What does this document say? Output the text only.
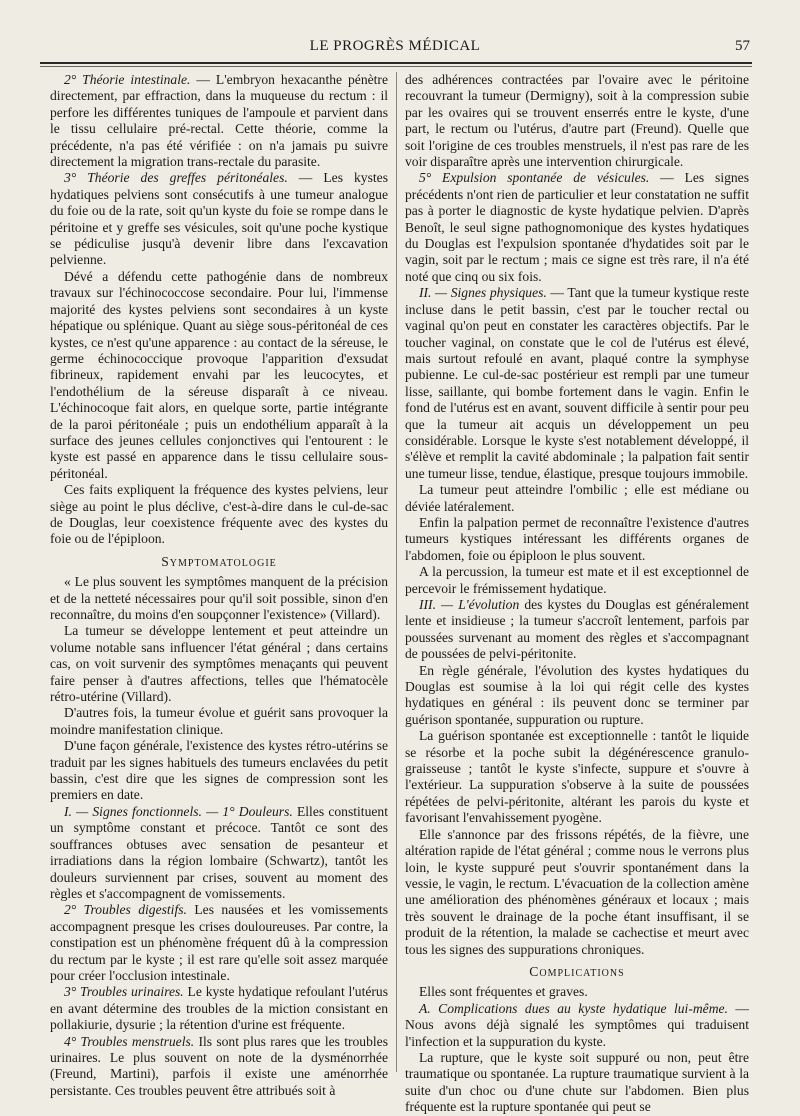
LE PROGRÈS MÉDICAL	57

2° Théorie intestinale. — L'embryon hexacanthe pénètre directement, par effraction, dans la muqueuse du rectum : il perfore les différentes tuniques de l'ampoule et parvient dans le tissu cellulaire pré-rectal. Cette théorie, comme la précédente, n'a pas été vérifiée : on n'a jamais pu suivre directement la migration trans-rectale du parasite.

3° Théorie des greffes péritonéales. — Les kystes hydatiques pelviens sont consécutifs à une tumeur analogue du foie ou de la rate, soit qu'un kyste du foie se rompe dans le péritoine et y greffe ses vésicules, soit qu'une poche kystique se pédiculise jusqu'à devenir libre dans l'excavation pelvienne.

Dévé a défendu cette pathogénie dans de nombreux travaux sur l'échinococcose secondaire. Pour lui, l'immense majorité des kystes pelviens sont secondaires à un kyste hépatique ou splénique. Quant au siège sous-péritonéal de ces kystes, ce n'est qu'une apparence : au contact de la séreuse, le germe échinococcique provoque l'apparition d'exsudat fibrineux, rapidement envahi par les leucocytes, et l'endothélium de la séreuse disparaît à ce niveau. L'échinocoque fait alors, en quelque sorte, partie intégrante de la paroi péritonéale ; puis un endothélium apparaît à la surface des jeunes cellules conjonctives qui l'entourent : le kyste est passé en apparence dans le tissu cellulaire sous-péritonéal.

Ces faits expliquent la fréquence des kystes pelviens, leur siège au point le plus déclive, c'est-à-dire dans le cul-de-sac de Douglas, leur coexistence fréquente avec des kystes du foie ou de l'épiploon.

Symptomatologie

« Le plus souvent les symptômes manquent de la précision et de la netteté nécessaires pour qu'il soit possible, sinon d'en reconnaître, du moins d'en soupçonner l'existence» (Villard).

La tumeur se développe lentement et peut atteindre un volume notable sans influencer l'état général ; dans certains cas, on voit survenir des symptômes menaçants qui peuvent faire penser à d'autres affections, telles que l'hématocèle rétro-utérine (Villard).

D'autres fois, la tumeur évolue et guérit sans provoquer la moindre manifestation clinique.

D'une façon générale, l'existence des kystes rétro-utérins se traduit par les signes habituels des tumeurs enclavées du petit bassin, c'est dire que les signes de compression sont les premiers en date.

I. — Signes fonctionnels. — 1° Douleurs. Elles constituent un symptôme constant et précoce. Tantôt ce sont des souffrances obtuses avec sensation de pesanteur et irradiations dans la région lombaire (Schwartz), tantôt les douleurs surviennent par crises, souvent au moment des règles et s'accompagnent de vomissements.

2° Troubles digestifs. Les nausées et les vomissements accompagnent presque les crises douloureuses. Par contre, la constipation est un phénomène fréquent dû à la compression du rectum par le kyste ; il est rare qu'elle soit assez marquée pour créer l'occlusion intestinale.

3° Troubles urinaires. Le kyste hydatique refoulant l'utérus en avant détermine des troubles de la miction consistant en pollakiurie, dysurie ; la rétention d'urine est fréquente.

4° Troubles menstruels. Ils sont plus rares que les troubles urinaires. Le plus souvent on note de la dysménorrhée (Freund, Martini), parfois il existe une aménorrhée persistante. Ces troubles peuvent être attribués soit à

des adhérences contractées par l'ovaire avec le péritoine recouvrant la tumeur (Dermigny), soit à la compression subie par les ovaires qui se trouvent enserrés entre le kyste, d'une part, le rectum ou l'utérus, d'autre part (Freund). Quelle que soit l'origine de ces troubles menstruels, il n'est pas rare de les voir disparaître après une intervention chirurgicale.

5° Expulsion spontanée de vésicules. — Les signes précédents n'ont rien de particulier et leur constatation ne suffit pas à porter le diagnostic de kyste hydatique pelvien. D'après Benoît, le seul signe pathognomonique des kystes hydatiques du Douglas est l'expulsion spontanée d'hydatides soit par le vagin, soit par le rectum ; mais ce signe est très rare, il n'a été noté que cinq ou six fois.

II. — Signes physiques. — Tant que la tumeur kystique reste incluse dans le petit bassin, c'est par le toucher rectal ou vaginal qu'on peut en constater les caractères objectifs. Par le toucher vaginal, on constate que le col de l'utérus est élevé, mais surtout refoulé en avant, plaqué contre la symphyse pubienne. Le cul-de-sac postérieur est rempli par une tumeur lisse, saillante, qui bombe fortement dans le vagin. Enfin le fond de l'utérus est en avant, souvent difficile à sentir pour peu que la tumeur ait acquis un développement un peu considérable. Lorsque le kyste s'est notablement développé, il s'élève et remplit la cavité abdominale ; la palpation fait sentir une tumeur lisse, tendue, élastique, presque toujours immobile.

La tumeur peut atteindre l'ombilic ; elle est médiane ou déviée latéralement.

Enfin la palpation permet de reconnaître l'existence d'autres tumeurs kystiques intéressant les différents organes de l'abdomen, foie ou épiploon le plus souvent.

A la percussion, la tumeur est mate et il est exceptionnel de percevoir le frémissement hydatique.

III. — L'évolution des kystes du Douglas est généralement lente et insidieuse ; la tumeur s'accroît lentement, parfois par poussées survenant au moment des règles et s'accompagnant de poussées de pelvi-péritonite.

En règle générale, l'évolution des kystes hydatiques du Douglas est soumise à la loi qui régit celle des kystes hydatiques en général : ils peuvent donc se terminer par guérison spontanée, suppuration ou rupture.

La guérison spontanée est exceptionnelle : tantôt le liquide se résorbe et la poche subit la dégénérescence granulo-graisseuse ; tantôt le kyste s'infecte, suppure et s'ouvre à l'extérieur. La suppuration s'observe à la suite de poussées répétées de pelvi-péritonite, altérant les parois du kyste et favorisant l'envahissement pyogène.

Elle s'annonce par des frissons répétés, de la fièvre, une altération rapide de l'état général ; comme nous le verrons plus loin, le kyste suppuré peut s'ouvrir spontanément dans la vessie, le vagin, le rectum. L'évacuation de la collection amène une amélioration des phénomènes généraux et locaux ; mais très souvent le drainage de la poche étant insuffisant, il se produit de la rétention, la malade se cachectise et meurt avec tous les signes des suppurations chroniques.

Complications

Elles sont fréquentes et graves.

A. Complications dues au kyste hydatique lui-même. — Nous avons déjà signalé les symptômes qui traduisent l'infection et la suppuration du kyste.

La rupture, que le kyste soit suppuré ou non, peut être traumatique ou spontanée. La rupture traumatique survient à la suite d'un choc ou d'une chute sur l'abdomen. Bien plus fréquente est la rupture spontanée qui peut se
